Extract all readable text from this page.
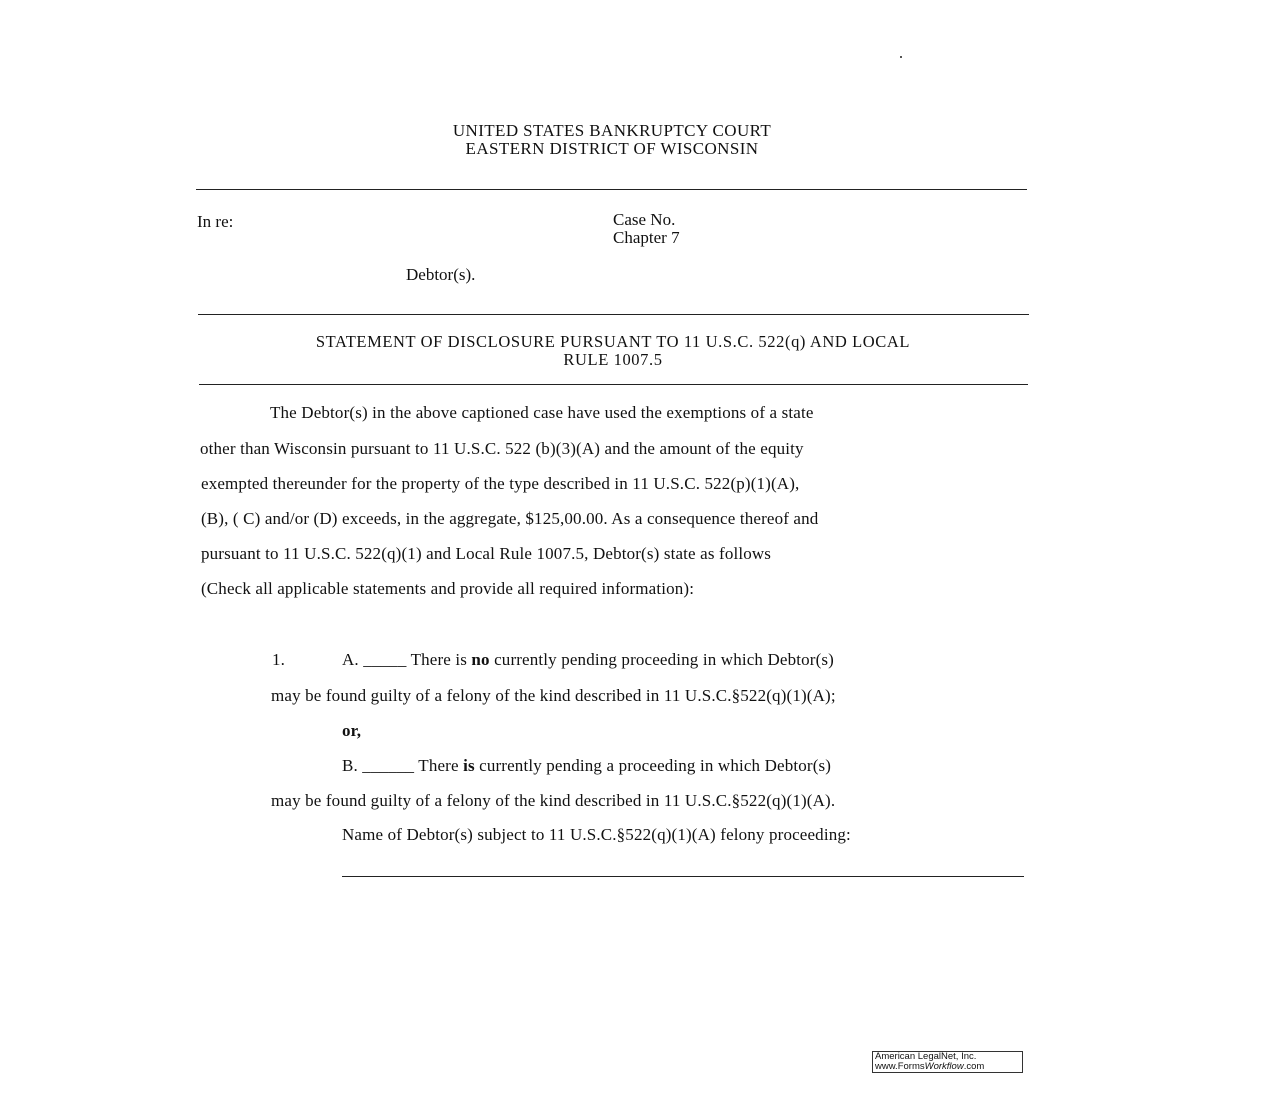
UNITED STATES BANKRUPTCY COURT
EASTERN DISTRICT OF WISCONSIN
In re:	Case No.
Chapter 7
Debtor(s).
STATEMENT OF DISCLOSURE PURSUANT TO 11 U.S.C. 522(q) AND LOCAL
RULE 1007.5
The Debtor(s) in the above captioned case have used the exemptions of a state
other than Wisconsin pursuant to 11 U.S.C. 522 (b)(3)(A) and the amount of the equity
exempted thereunder for the property of the type described in 11 U.S.C. 522(p)(1)(A),
(B), ( C) and/or (D) exceeds, in the aggregate, $125,00.00. As a consequence thereof and
pursuant to 11 U.S.C. 522(q)(1) and Local Rule 1007.5, Debtor(s) state as follows
(Check all applicable statements and provide all required information):
1.	A. _____ There is no currently pending proceeding in which Debtor(s)
may be found guilty of a felony of the kind described in 11 U.S.C.§522(q)(1)(A);
or,
B. ______ There is currently pending a proceeding in which Debtor(s)
may be found guilty of a felony of the kind described in 11 U.S.C.§522(q)(1)(A).
Name of Debtor(s) subject to 11 U.S.C.§522(q)(1)(A) felony proceeding:
American LegalNet, Inc.
www.FormsWorkflow.com
